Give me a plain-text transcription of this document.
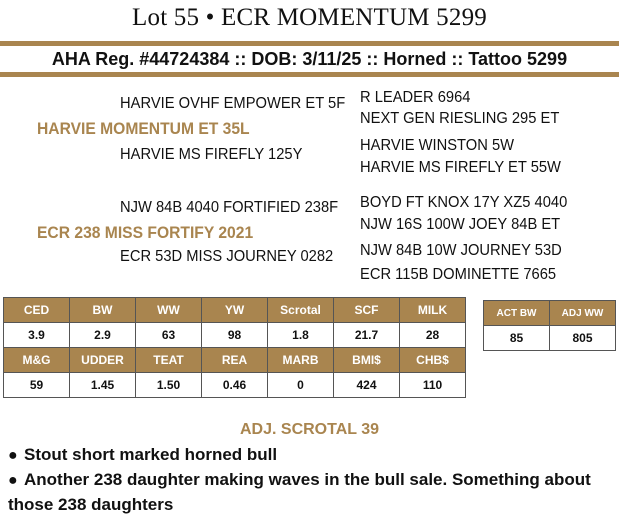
Lot 55 • ECR MOMENTUM 5299
AHA Reg. #44724384 :: DOB: 3/11/25 :: Horned :: Tattoo 5299
HARVIE OVHF EMPOWER ET 5F
HARVIE MOMENTUM ET 35L
HARVIE MS FIREFLY 125Y
R LEADER 6964
NEXT GEN RIESLING 295 ET
HARVIE WINSTON 5W
HARVIE MS FIREFLY ET 55W
NJW 84B 4040 FORTIFIED 238F
ECR 238 MISS FORTIFY 2021
ECR 53D MISS JOURNEY 0282
BOYD FT KNOX 17Y XZ5 4040
NJW 16S 100W JOEY 84B ET
NJW 84B 10W JOURNEY 53D
ECR 115B DOMINETTE 7665
CED	BW	WW	YW	Scrotal	SCF	MILK
3.9	2.9	63	98	1.8	21.7	28
M&G	UDDER	TEAT	REA	MARB	BMI$	CHB$
59	1.45	1.50	0.46	0	424	110
ACT BW	ADJ WW
85	805
ADJ. SCROTAL 39
● Stout short marked horned bull
● Another 238 daughter making waves in the bull sale. Something about those 238 daughters
